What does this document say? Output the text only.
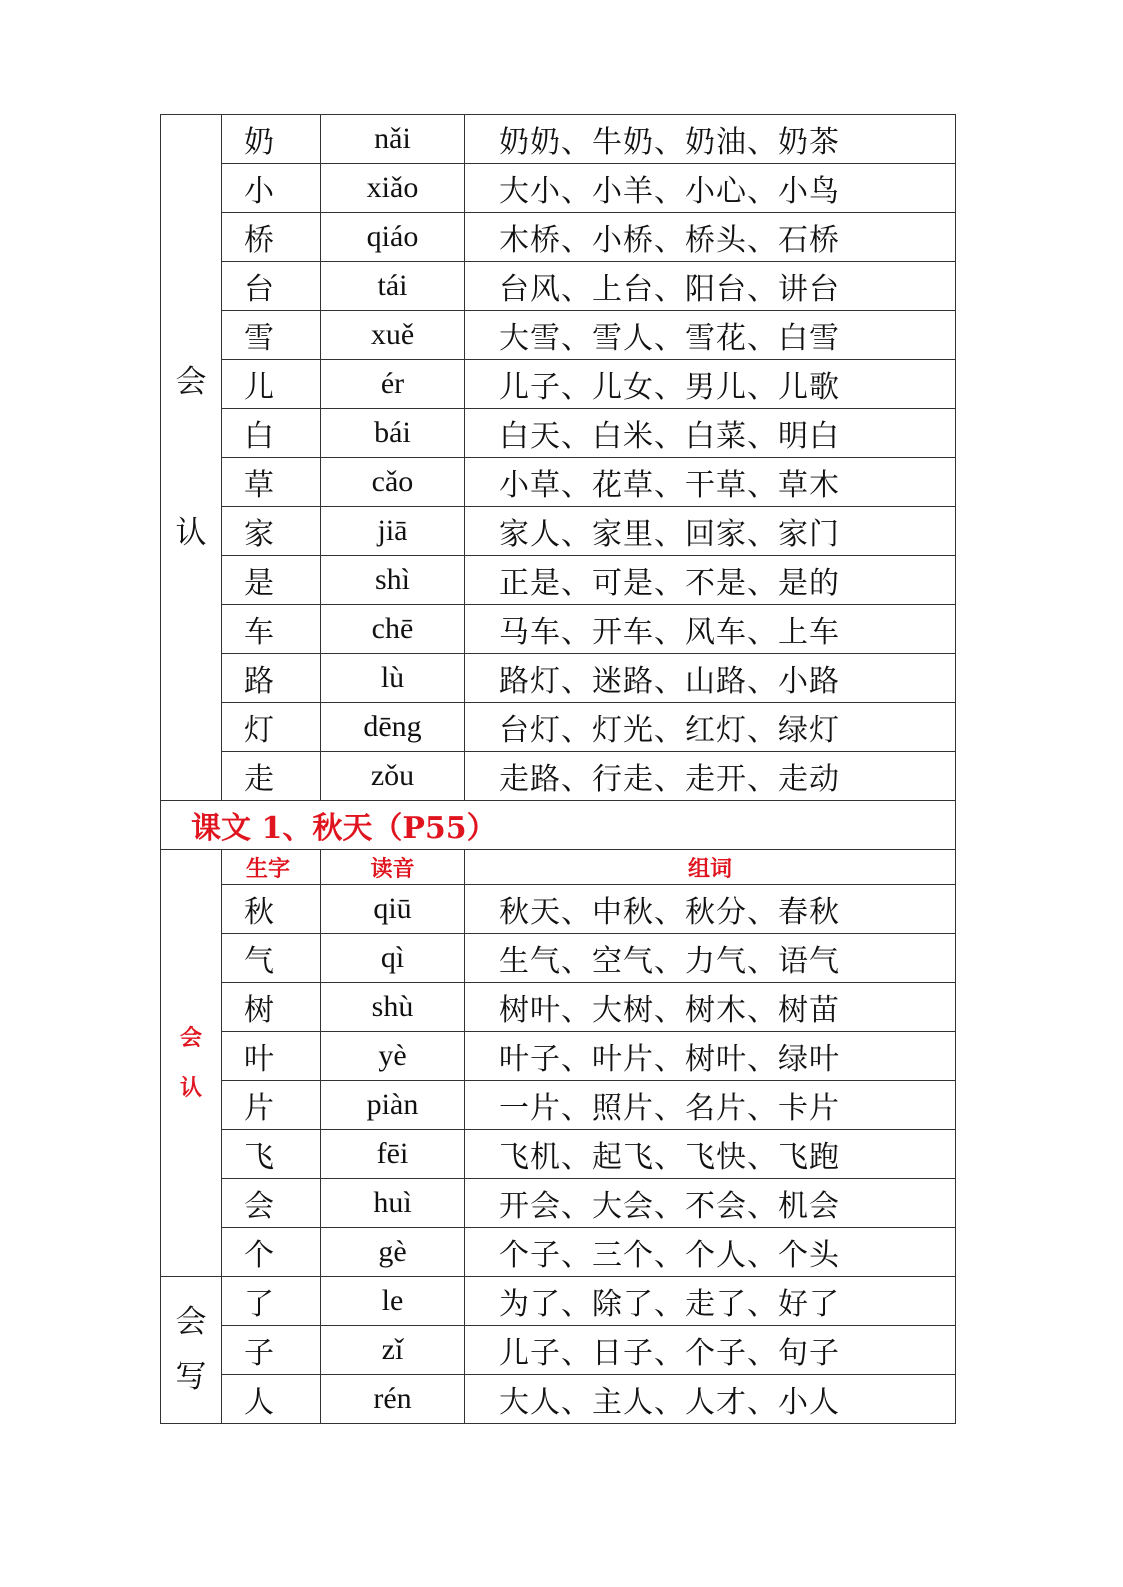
会
认	奶	nǎi	奶奶、牛奶、奶油、奶茶
	小	xiǎo	大小、小羊、小心、小鸟
	桥	qiáo	木桥、小桥、桥头、石桥
	台	tái	台风、上台、阳台、讲台
	雪	xuě	大雪、雪人、雪花、白雪
	儿	ér	儿子、儿女、男儿、儿歌
	白	bái	白天、白米、白菜、明白
	草	cǎo	小草、花草、干草、草木
	家	jiā	家人、家里、回家、家门
	是	shì	正是、可是、不是、是的
	车	chē	马车、开车、风车、上车
	路	lù	路灯、迷路、山路、小路
	灯	dēng	台灯、灯光、红灯、绿灯
	走	zǒu	走路、行走、走开、走动
课文 1、秋天（P55）			

会
认	生字	读音	组词
	秋	qiū	秋天、中秋、秋分、春秋
	气	qì	生气、空气、力气、语气
	树	shù	树叶、大树、树木、树苗
	叶	yè	叶子、叶片、树叶、绿叶
	片	piàn	一片、照片、名片、卡片
	飞	fēi	飞机、起飞、飞快、飞跑
	会	huì	开会、大会、不会、机会
	个	gè	个子、三个、个人、个头

会
写	了	le	为了、除了、走了、好了
	子	zǐ	儿子、日子、个子、句子
	人	rén	大人、主人、人才、小人
